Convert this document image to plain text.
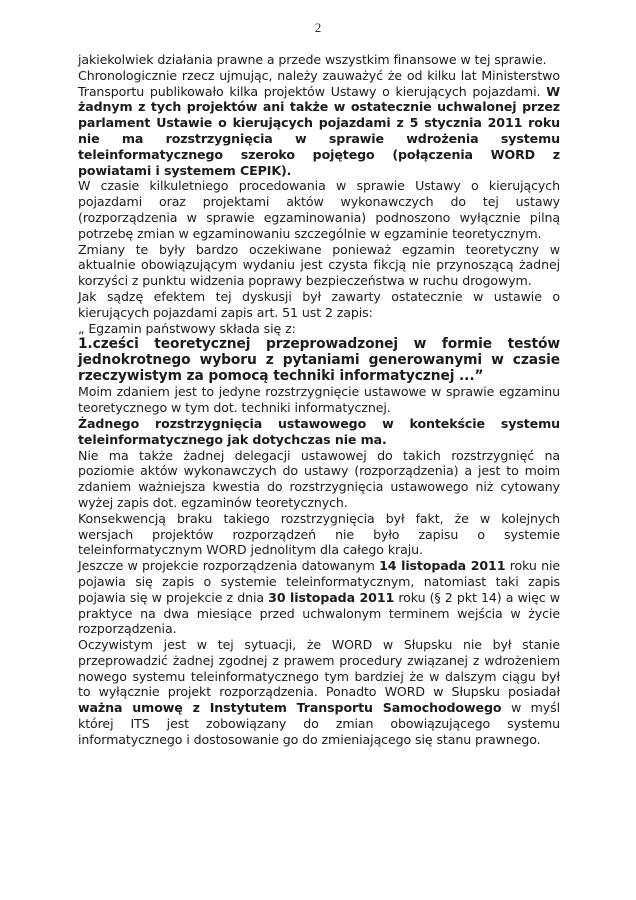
2

jakiekolwiek działania prawne a przede wszystkim finansowe w tej sprawie.

Chronologicznie rzecz ujmując, należy zauważyć że od kilku lat Ministerstwo Transportu publikowało kilka projektów Ustawy o kierujących pojazdami. W żadnym z tych projektów ani także w ostatecznie uchwalonej przez parlament Ustawie o kierujących pojazdami z 5 stycznia 2011 roku nie ma rozstrzygnięcia w sprawie wdrożenia systemu teleinformatycznego szeroko pojętego (połączenia WORD z powiatami i systemem CEPIK).

W czasie kilkuletniego procedowania w sprawie Ustawy o kierujących pojazdami oraz projektami aktów wykonawczych do tej ustawy (rozporządzenia w sprawie egzaminowania) podnoszono wyłącznie pilną potrzebę zmian w egzaminowaniu szczególnie w egzaminie teoretycznym.

Zmiany te były bardzo oczekiwane ponieważ egzamin teoretyczny w aktualnie obowiązującym wydaniu jest czysta fikcją nie przynoszącą żadnej korzyści z punktu widzenia poprawy bezpieczeństwa w ruchu drogowym.

Jak sądzę efektem tej dyskusji był zawarty ostatecznie w ustawie o kierujących pojazdami zapis art. 51 ust 2 zapis:

„ Egzamin państwowy składa się z:

1.cześci teoretycznej przeprowadzonej w formie testów jednokrotnego wyboru z pytaniami generowanymi w czasie rzeczywistym za pomocą techniki informatycznej ...”

Moim zdaniem jest to jedyne rozstrzygnięcie ustawowe w sprawie egzaminu teoretycznego w tym dot. techniki informatycznej.

Żadnego rozstrzygnięcia ustawowego w kontekście systemu teleinformatycznego jak dotychczas nie ma.

Nie ma także żadnej delegacji ustawowej do takich rozstrzygnięć na poziomie aktów wykonawczych do ustawy (rozporządzenia) a jest to moim zdaniem ważniejsza kwestia do rozstrzygnięcia ustawowego niż cytowany wyżej zapis dot. egzaminów teoretycznych.

Konsekwencją braku takiego rozstrzygnięcia był fakt, że w kolejnych wersjach projektów rozporządzeń nie było zapisu o systemie teleinformatycznym WORD jednolitym dla całego kraju.

Jeszcze w projekcie rozporządzenia datowanym 14 listopada 2011 roku nie pojawia się zapis o systemie teleinformatycznym, natomiast taki zapis pojawia się w projekcie z dnia 30 listopada 2011 roku (§ 2 pkt 14) a więc w praktyce na dwa miesiące przed uchwalonym terminem wejścia w życie rozporządzenia.

Oczywistym jest w tej sytuacji, że WORD w Słupsku nie był stanie przeprowadzić żadnej zgodnej z prawem procedury związanej z wdrożeniem nowego systemu teleinformatycznego tym bardziej że w dalszym ciągu był to wyłącznie projekt rozporządzenia. Ponadto WORD w Słupsku posiadał ważna umowę z Instytutem Transportu Samochodowego w myśl której ITS jest zobowiązany do zmian obowiązującego systemu informatycznego i dostosowanie go do zmieniającego się stanu prawnego.
